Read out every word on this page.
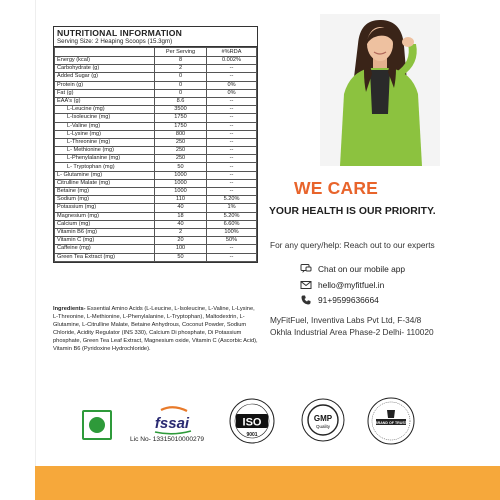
NUTRITIONAL INFORMATION
Serving Size: 2 Heaping Scoops (15.3gm)
	Per Serving	#%RDA
Energy (kcal)	8	0.002%
Carbohydrate (g)	2	--
Added Sugar (g)	0	--
Protein (g)	0	0%
Fat (g)	0	0%
EAA's (g)	8.6	--
L-Leucine (mg)	3500	--
L-Isoleucine (mg)	1750	--
L-Valine (mg)	1750	--
L-Lysine (mg)	800	--
L-Threonine (mg)	250	--
L- Methionine (mg)	250	--
L-Phenylalanine (mg)	250	--
L- Tryptophan (mg)	50	--
L- Glutamine (mg)	1000	--
Citrulline Malate (mg)	1000	--
Betaine (mg)	1000	--
Sodium (mg)	110	5.20%
Potassium (mg)	40	1%
Magnesium (mg)	18	5.20%
Calcium (mg)	40	6.60%
Vitamin B6 (mg)	2	100%
Vitamin C (mg)	20	50%
Caffeine (mg)	100	--
Green Tea Extract (mg)	50	--
Ingredients- Essential Amino Acids (L-Leucine, L-Isoleucine, L-Valine, L-Lysine, L-Threonine, L-Methionine, L-Phenylalanine, L-Tryptophan), Maltodextrin, L-Glutamine, L-Citrulline Malate, Betaine Anhydrous, Coconut Powder, Sodium Chloride, Acidity Regulator (INS 330), Calcium Di phosphate, Di Potassium phosphate, Green Tea Leaf Extract, Magnesium oxide, Vitamin C (Ascorbic Acid), Vitamin B6 (Pyridoxine Hydrochloride).
WE CARE
YOUR HEALTH IS OUR PRIORITY.
For any query/help: Reach out to our experts
Chat on our mobile app
hello@myfitfuel.in
91+9599636664
MyFitFuel, Inventiva Labs Pvt Ltd, F-34/8
Okhla Industrial Area Phase-2 Delhi- 110020
fssai
Lic No- 13315010000279
ISO
9001
GMP
Quality
BRAND OF TRUST
